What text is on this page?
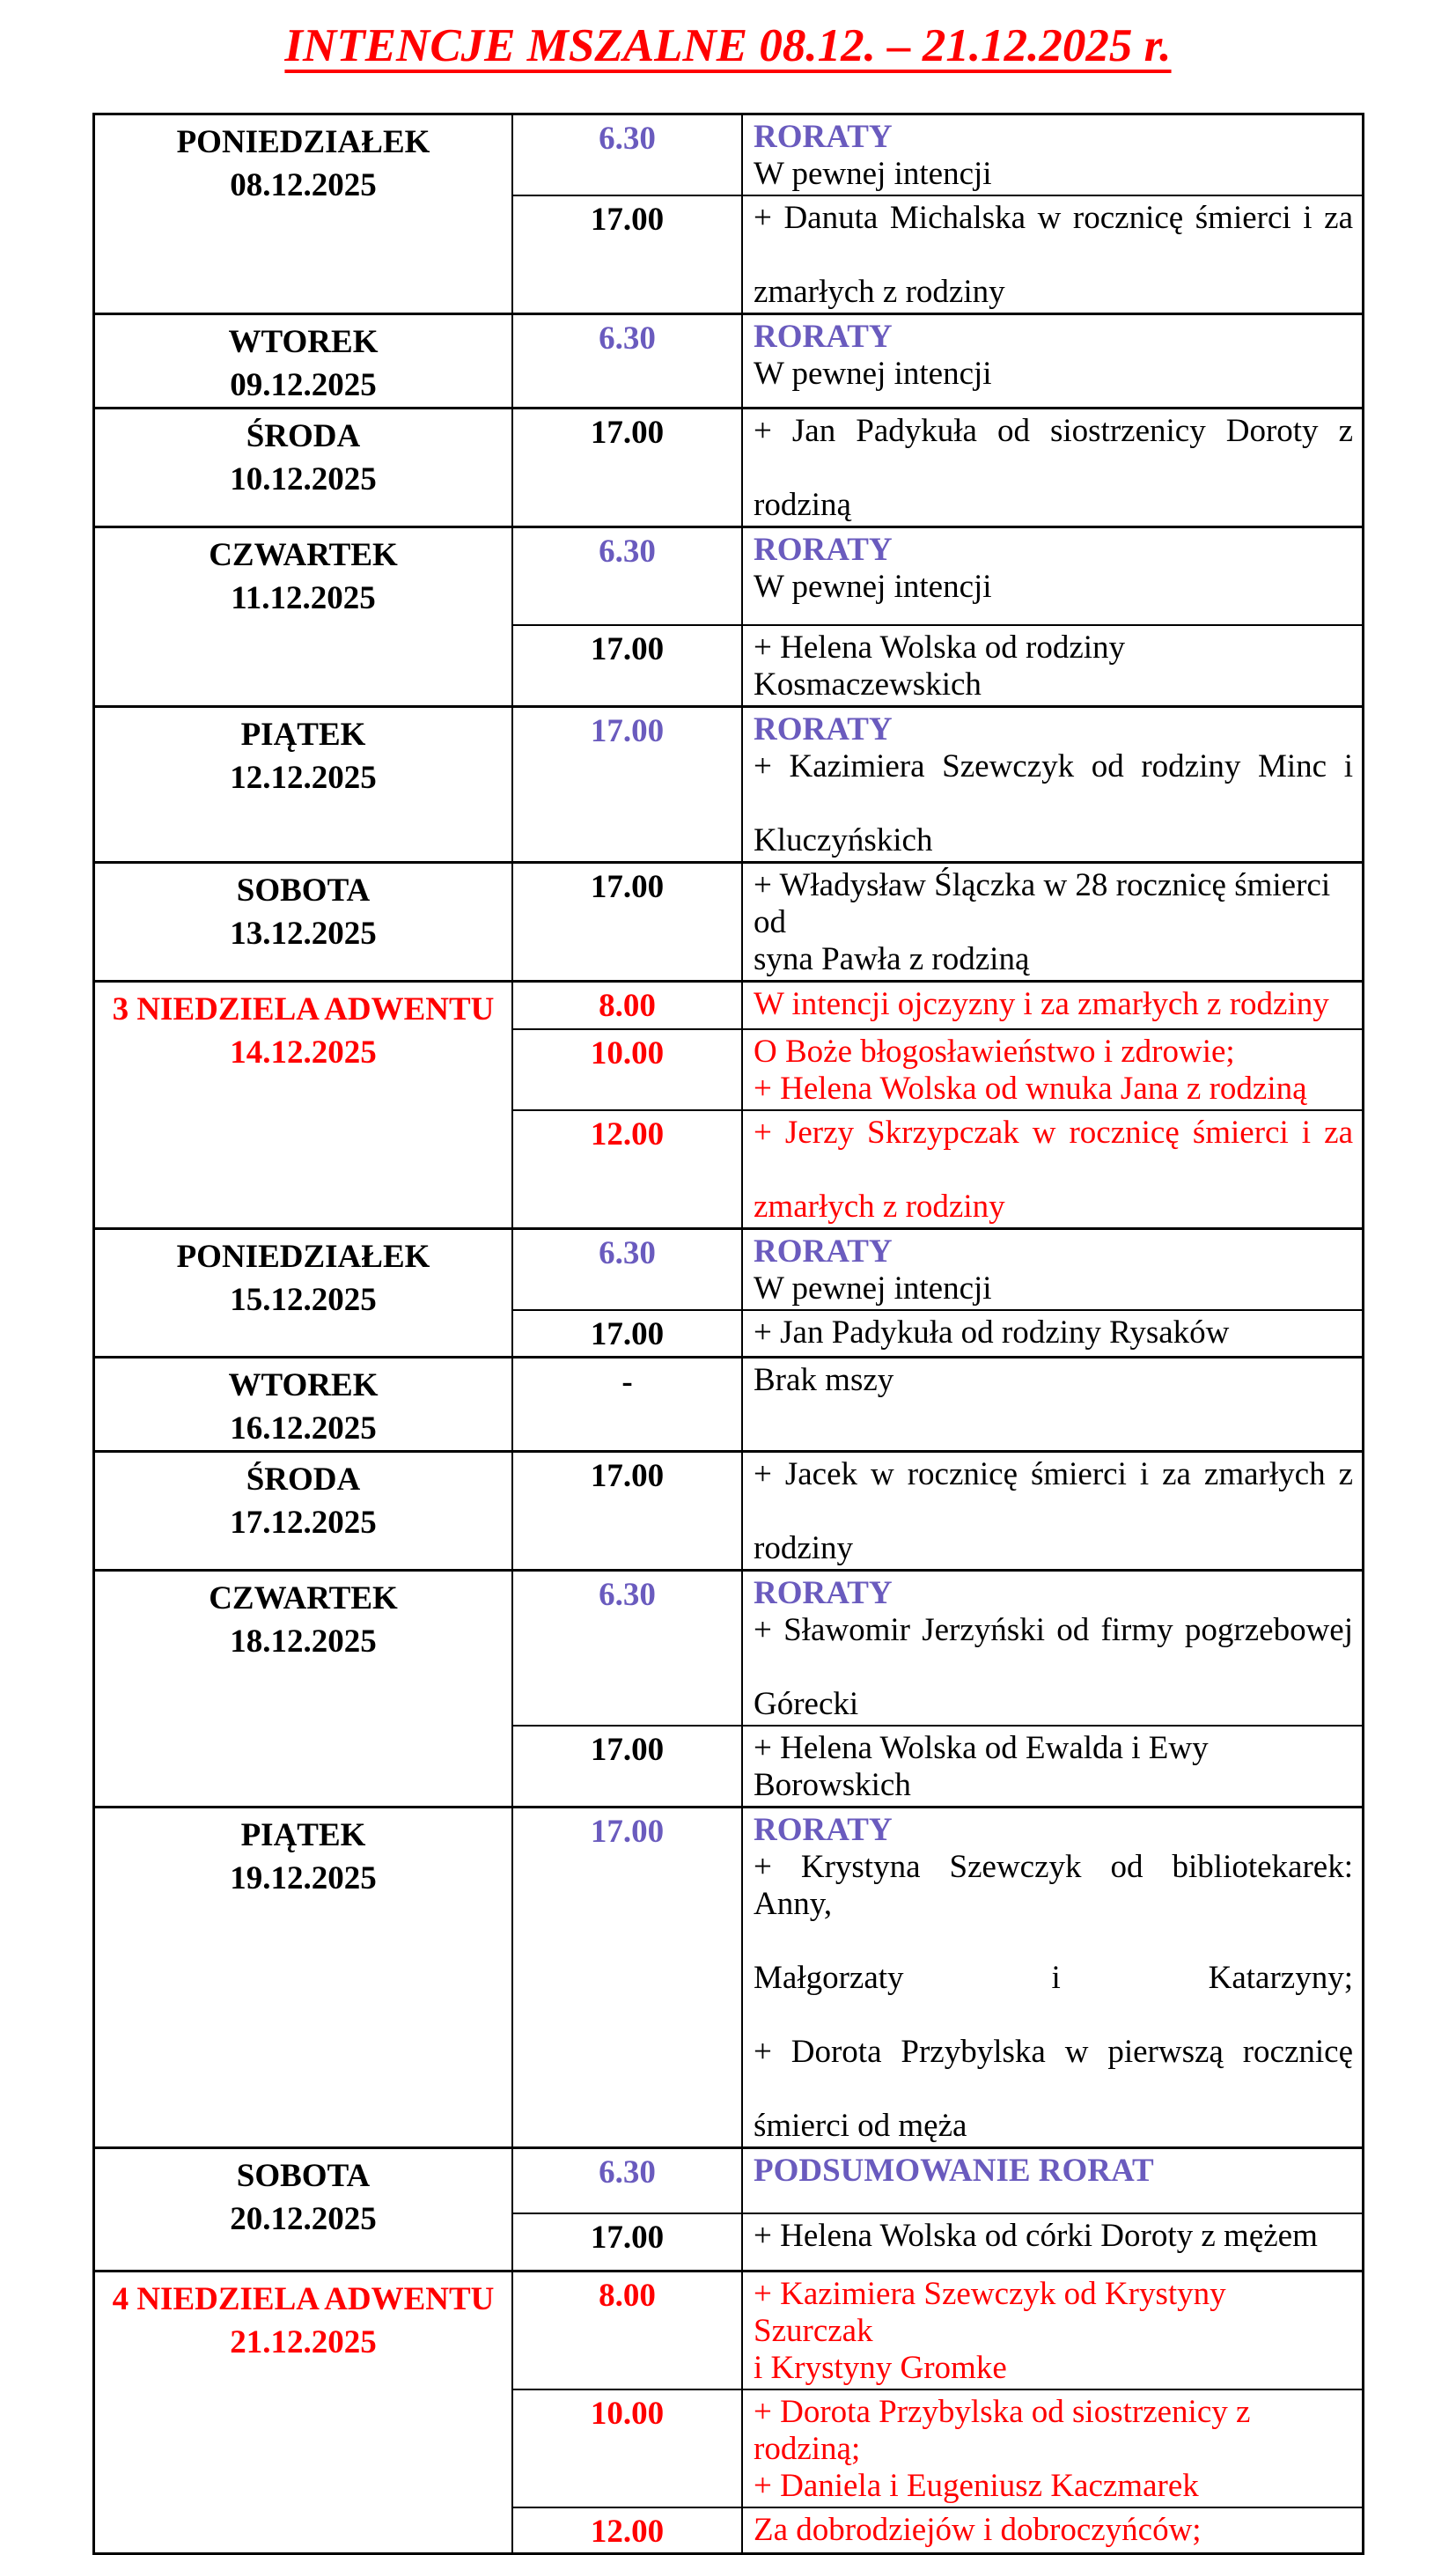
INTENCJE MSZALNE 08.12. – 21.12.2025 r.
PONIEDZIAŁEK
08.12.2025
	6.30	RORATY
W pewnej intencji

	17.00	+ Danuta Michalska w rocznicę śmierci i za
zmarłych z rodziny

WTOREK
09.12.2025
	6.30	RORATY
W pewnej intencji

ŚRODA
10.12.2025
	17.00	+ Jan Padykuła od siostrzenicy Doroty z
rodziną

CZWARTEK
11.12.2025
	6.30	RORATY
W pewnej intencji

	17.00	+ Helena Wolska od rodziny Kosmaczewskich

PIĄTEK
12.12.2025
	17.00	RORATY
+ Kazimiera Szewczyk od rodziny Minc i
Kluczyńskich

SOBOTA
13.12.2025
	17.00	+ Władysław Ślączka w 28 rocznicę śmierci od
syna Pawła z rodziną

3 NIEDZIELA ADWENTU
14.12.2025	8.00	W intencji ojczyzny i za zmarłych z rodziny

	10.00	O Boże błogosławieństwo i zdrowie;
+ Helena Wolska od wnuka Jana z rodziną

	12.00	+ Jerzy Skrzypczak w rocznicę śmierci i za
zmarłych z rodziny

PONIEDZIAŁEK
15.12.2025
	6.30	RORATY
W pewnej intencji

	17.00	+ Jan Padykuła od rodziny Rysaków

WTOREK
16.12.2025	-	Brak mszy

ŚRODA
17.12.2025
	17.00	+ Jacek w rocznicę śmierci i za zmarłych z
rodziny

CZWARTEK
18.12.2025
	6.30	RORATY
+ Sławomir Jerzyński od firmy pogrzebowej
Górecki

	17.00	+ Helena Wolska od Ewalda i Ewy Borowskich

PIĄTEK
19.12.2025
	17.00	RORATY
+ Krystyna Szewczyk od bibliotekarek: Anny,
Małgorzaty i Katarzyny;
+ Dorota Przybylska w pierwszą rocznicę
śmierci od męża

SOBOTA
20.12.2025	6.30	PODSUMOWANIE RORAT

	17.00	+ Helena Wolska od córki Doroty z mężem

4 NIEDZIELA ADWENTU
21.12.2025
	8.00	+ Kazimiera Szewczyk od Krystyny Szurczak
i Krystyny Gromke

	10.00	+ Dorota Przybylska od siostrzenicy z rodziną;
+ Daniela i Eugeniusz Kaczmarek

	12.00	Za dobrodziejów i dobroczyńców;
